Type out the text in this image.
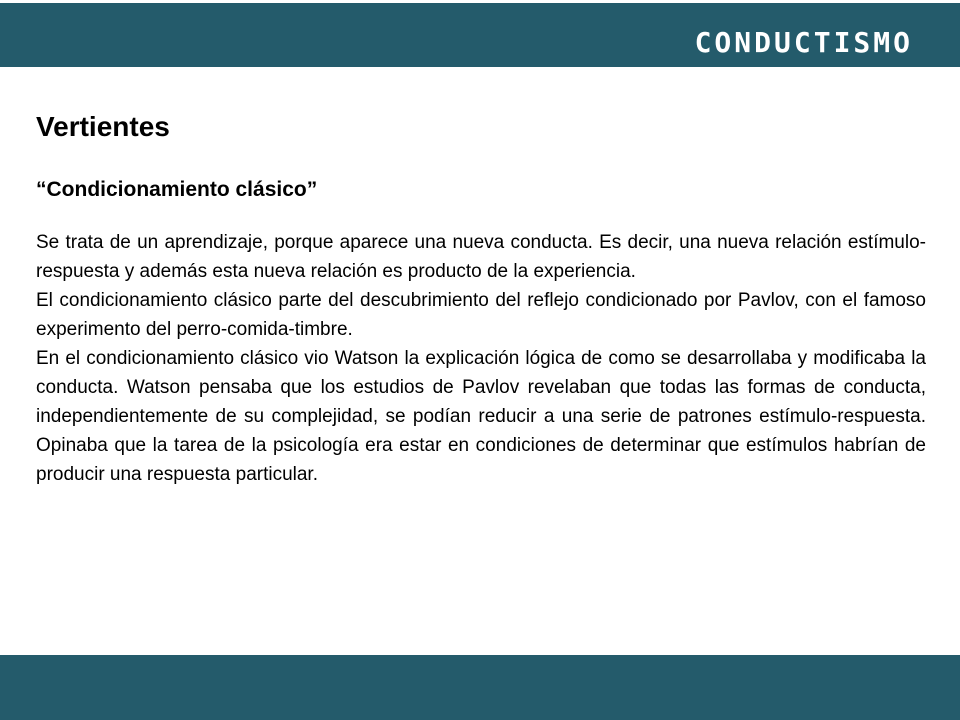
CONDUCTISMO
Vertientes
“Condicionamiento clásico”

Se trata de un aprendizaje, porque aparece una nueva conducta. Es decir, una nueva relación estímulo-respuesta y además esta nueva relación es producto de la experiencia.

El condicionamiento clásico parte del descubrimiento del reflejo condicionado por Pavlov, con el famoso experimento del perro-comida-timbre.

En el condicionamiento clásico vio Watson la explicación lógica de como se desarrollaba y modificaba la conducta. Watson pensaba que los estudios de Pavlov revelaban que todas las formas de conducta, independientemente de su complejidad, se podían reducir a una serie de patrones estímulo-respuesta. Opinaba que la tarea de la psicología era estar en condiciones de determinar que estímulos habrían de producir una respuesta particular.
